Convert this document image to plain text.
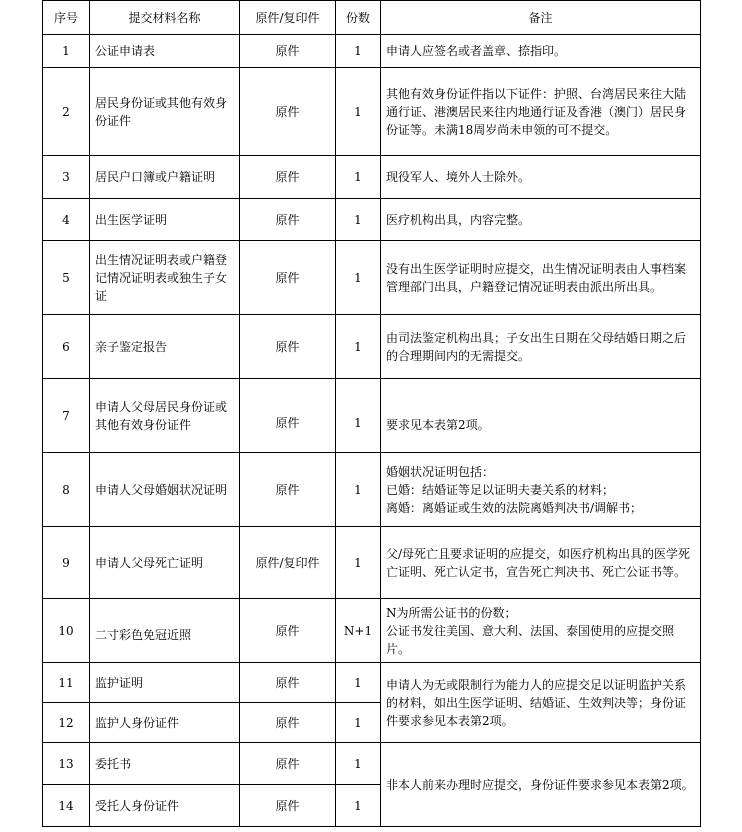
序号	提交材料名称	原件/复印件	份数	备注
1	公证申请表	原件	1	申请人应签名或者盖章、捺指印。

2	居民身份证或其他有效身份证件	原件	1	其他有效身份证件指以下证件：护照、台湾居民来往大陆通行证、港澳居民来往内地通行证及香港（澳门）居民身份证等。未满18周岁尚未申领的可不提交。

3	居民户口簿或户籍证明	原件	1	现役军人、境外人士除外。

4	出生医学证明	原件	1	医疗机构出具，内容完整。

5	出生情况证明表或户籍登记情况证明表或独生子女证	原件	1	没有出生医学证明时应提交，出生情况证明表由人事档案管理部门出具，户籍登记情况证明表由派出所出具。

6	亲子鉴定报告	原件	1	由司法鉴定机构出具；子女出生日期在父母结婚日期之后的合理期间内的无需提交。

7	申请人父母居民身份证或其他有效身份证件	原件	1	要求见本表第2项。

8	申请人父母婚姻状况证明	原件	1	婚姻状况证明包括：
已婚：结婚证等足以证明夫妻关系的材料；
离婚：离婚证或生效的法院离婚判决书/调解书；

9	申请人父母死亡证明	原件/复印件	1	父/母死亡且要求证明的应提交，如医疗机构出具的医学死亡证明、死亡认定书，宣告死亡判决书、死亡公证书等。

10	二寸彩色免冠近照	原件	N+1	N为所需公证书的份数；
公证书发往美国、意大利、法国、泰国使用的应提交照片。

11	监护证明	原件	1	申请人为无或限制行为能力人的应提交足以证明监护关系的材料，如出生医学证明、结婚证、生效判决等；身份证件要求参见本表第2项。
12	监护人身份证件	原件	1	
13	委托书	原件	1	非本人前来办理时应提交，身份证件要求参见本表第2项。
14	受托人身份证件	原件	1	
